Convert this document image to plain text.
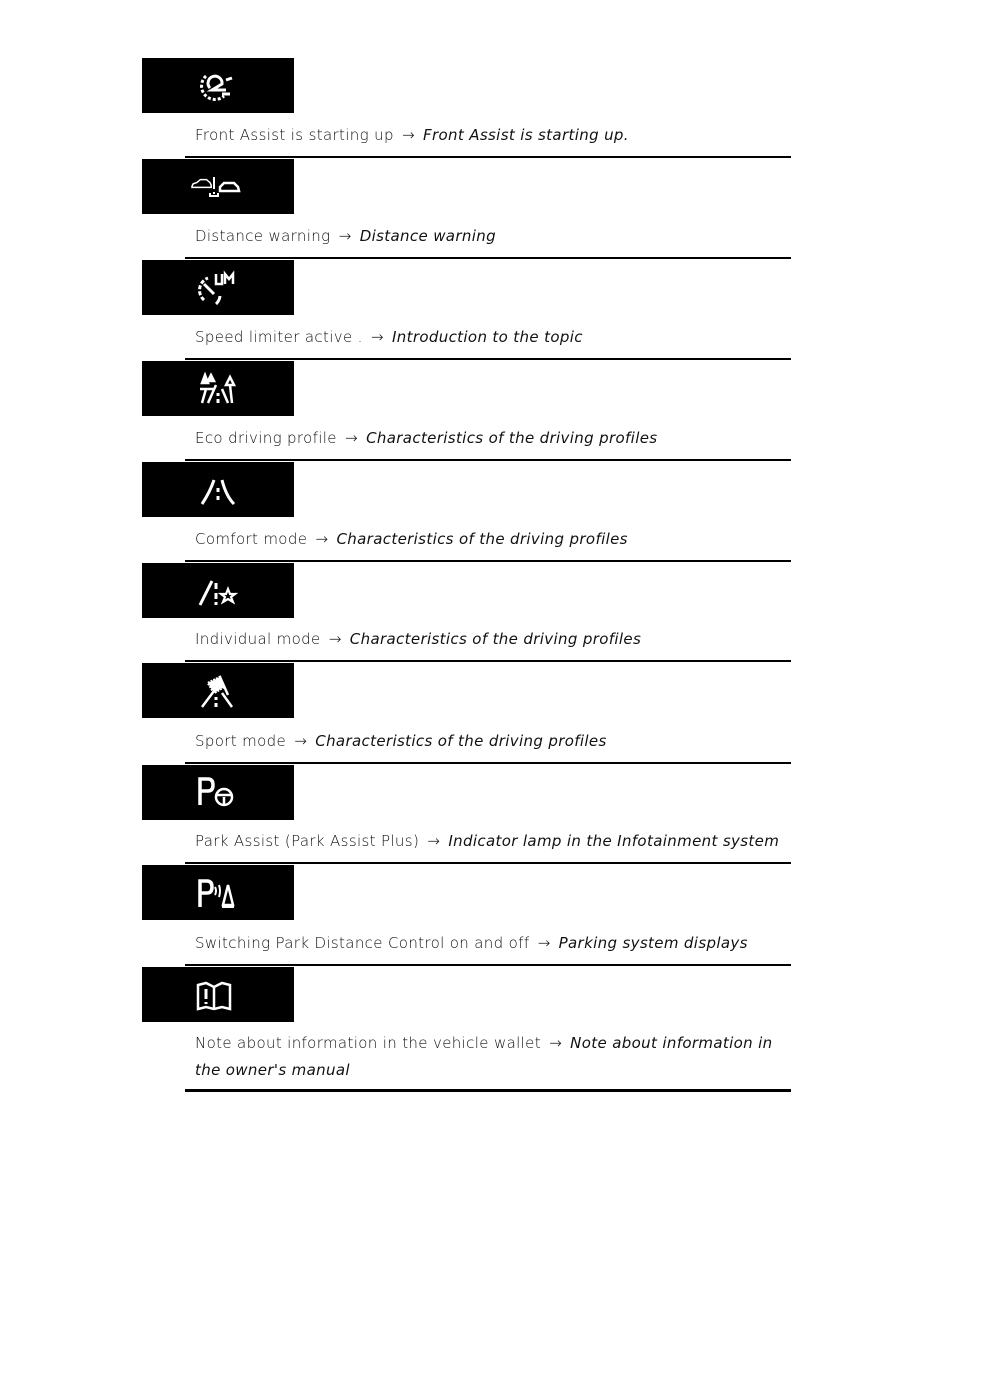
Front Assist is starting up → Front Assist is starting up.
Distance warning → Distance warning
Speed limiter active . → Introduction to the topic
Eco driving profile → Characteristics of the driving profiles
Comfort mode → Characteristics of the driving profiles
Individual mode → Characteristics of the driving profiles
Sport mode → Characteristics of the driving profiles
Park Assist (Park Assist Plus) → Indicator lamp in the Infotainment system
Switching Park Distance Control on and off → Parking system displays
Note about information in the vehicle wallet → Note about information in the owner's manual
